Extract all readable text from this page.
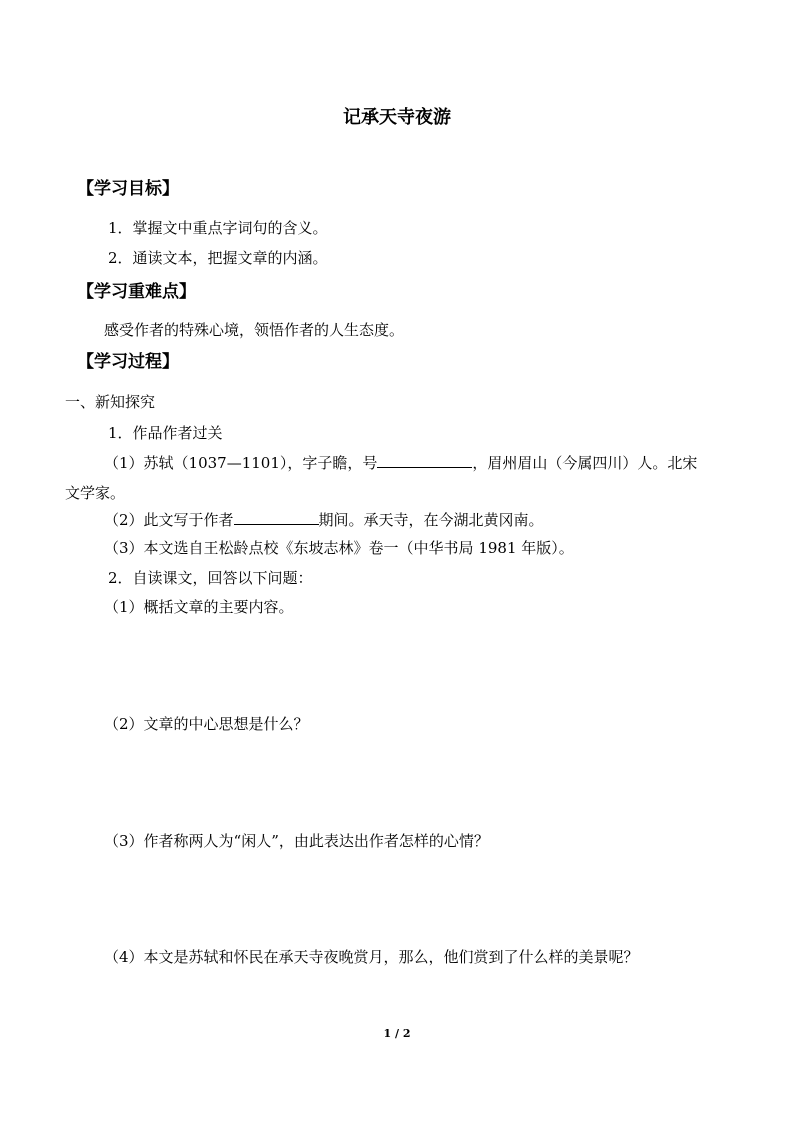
记承天寺夜游
【学习目标】
1．掌握文中重点字词句的含义。
2．通读文本，把握文章的内涵。
【学习重难点】
感受作者的特殊心境，领悟作者的人生态度。
【学习过程】
一、新知探究
1．作品作者过关
（1）苏轼（1037—1101），字子瞻，号	，眉州眉山（今属四川）人。北宋
文学家。
（2）此文写于作者	期间。承天寺，在今湖北黄冈南。
（3）本文选自王松龄点校《东坡志林》卷一（中华书局 1981 年版）。
2．自读课文，回答以下问题：
（1）概括文章的主要内容。
（2）文章的中心思想是什么？
（3）作者称两人为“闲人”，由此表达出作者怎样的心情？
（4）本文是苏轼和怀民在承天寺夜晚赏月，那么，他们赏到了什么样的美景呢？
1 / 2
